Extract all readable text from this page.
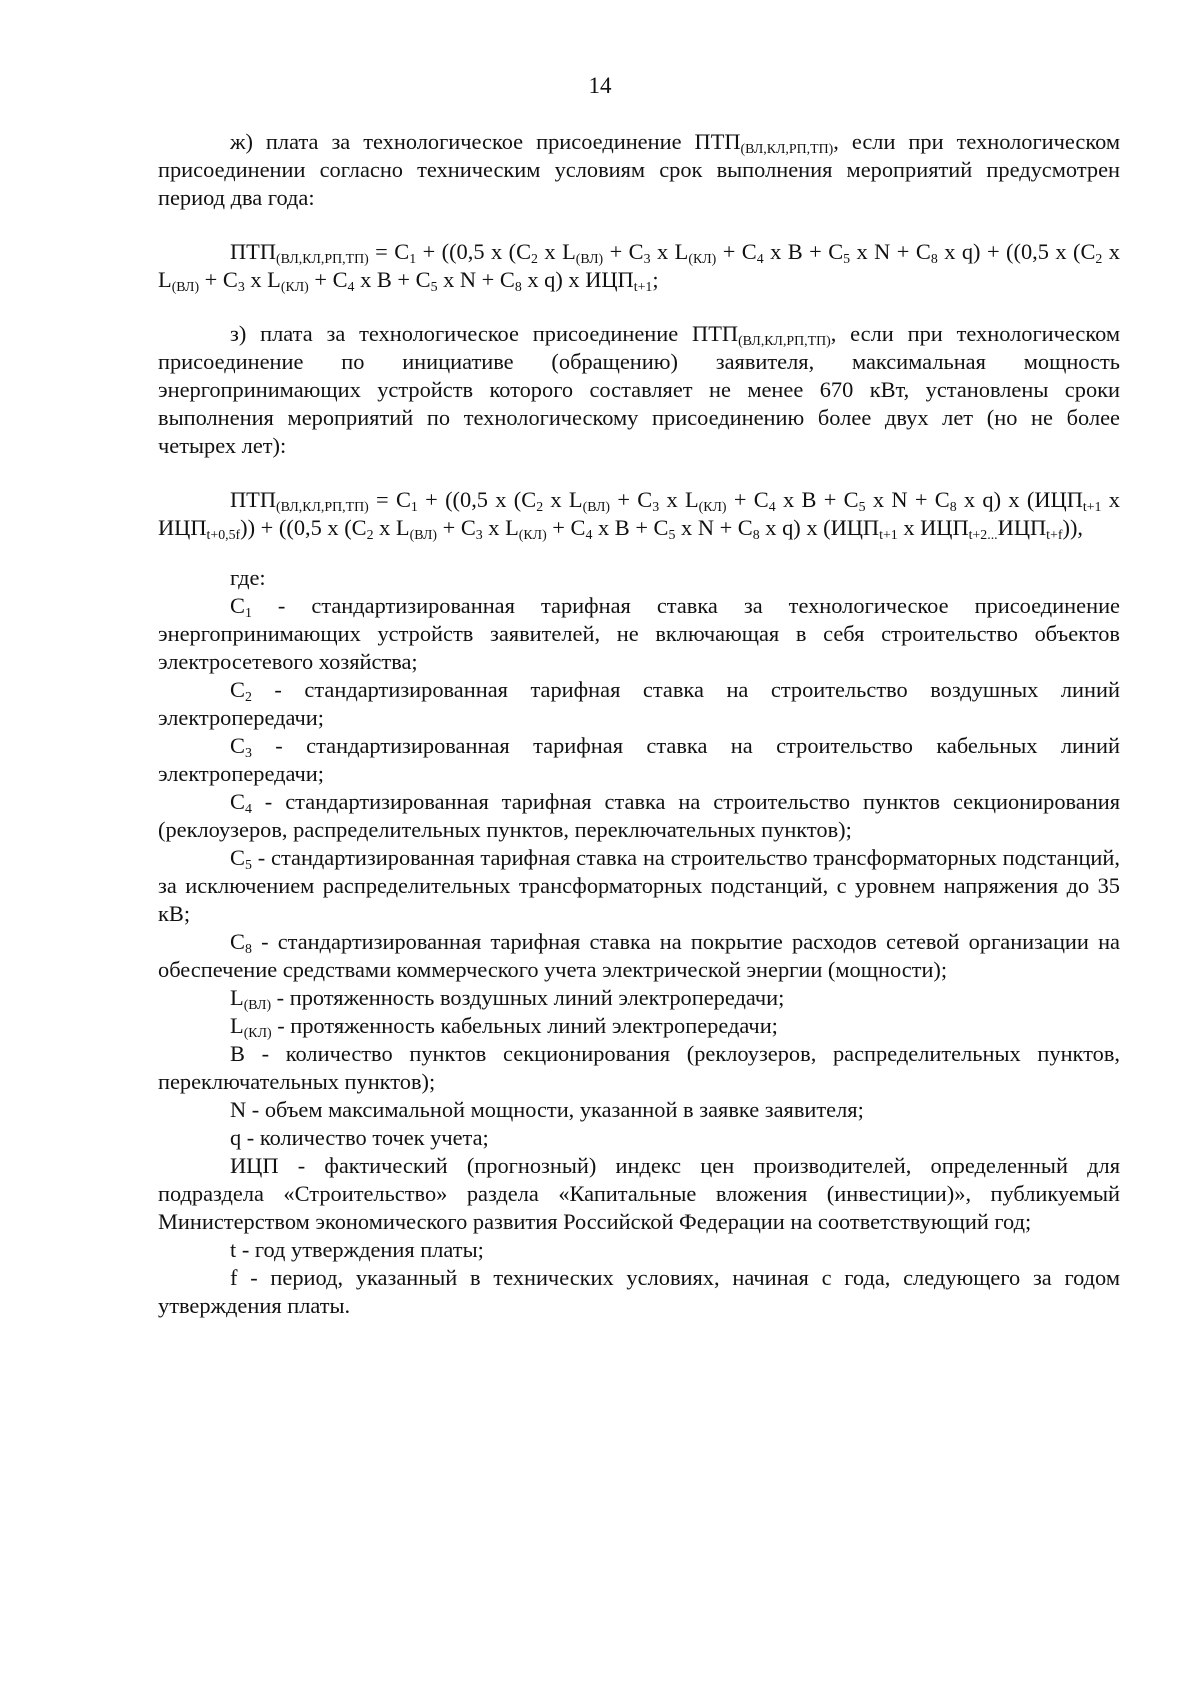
14

ж) плата за технологическое присоединение $ПТП_{(ВЛ,КЛ,РП,ТП)}$, если при технологическом присоединении согласно техническим условиям срок выполнения мероприятий предусмотрен период два года:

$ПТП_{(ВЛ,КЛ,РП,ТП)} = С_1 + ((0,5$ х ($С_2$ х $L_{(ВЛ)} + С_3$ х $L_{(КЛ)} + С_4$ х $В + С_5$ х $N + С_8$ х q) + ((0,5 х ($С_2$ х $L_{(ВЛ)} + С_3$ х $L_{(КЛ)} + С_4$ х $В + С_5$ х $N + С_8$ х q) х $ИЦП_{t+1}$;

з) плата за технологическое присоединение $ПТП_{(ВЛ,КЛ,РП,ТП)}$, если при технологическом присоединение по инициативе (обращению) заявителя, максимальная мощность энергопринимающих устройств которого составляет не менее 670 кВт, установлены сроки выполнения мероприятий по технологическому присоединению более двух лет (но не более четырех лет):

$ПТП_{(ВЛ,КЛ,РП,ТП)} = С_1 + ((0,5$ х ($С_2$ х $L_{(ВЛ)} + С_3$ х $L_{(КЛ)} + С_4$ х $В + С_5$ х $N + С_8$ х q) х ($ИЦП_{t+1}$ х $ИЦП_{t+0,5f})) + ((0,5$ х ($С_2$ х $L_{(ВЛ)} + С_3$ х $L_{(КЛ)} + С_4$ х $В + С_5$ х $N + С_8$ х q) х ($ИЦП_{t+1}$ х $ИЦП_{t+2...}ИЦП_{t+f}$)),

где:

$С_1$ - стандартизированная тарифная ставка за технологическое присоединение энергопринимающих устройств заявителей, не включающая в себя строительство объектов электросетевого хозяйства;

$С_2$ - стандартизированная тарифная ставка на строительство воздушных линий электропередачи;

$С_3$ - стандартизированная тарифная ставка на строительство кабельных линий электропередачи;

$С_4$ - стандартизированная тарифная ставка на строительство пунктов секционирования (реклоузеров, распределительных пунктов, переключательных пунктов);

$С_5$ - стандартизированная тарифная ставка на строительство трансформаторных подстанций, за исключением распределительных трансформаторных подстанций, с уровнем напряжения до 35 кВ;

$С_8$ - стандартизированная тарифная ставка на покрытие расходов сетевой организации на обеспечение средствами коммерческого учета электрической энергии (мощности);

$L_{(ВЛ)}$ - протяженность воздушных линий электропередачи;

$L_{(КЛ)}$ - протяженность кабельных линий электропередачи;

В - количество пунктов секционирования (реклоузеров, распределительных пунктов, переключательных пунктов);

N - объем максимальной мощности, указанной в заявке заявителя;

q - количество точек учета;

ИЦП - фактический (прогнозный) индекс цен производителей, определенный для подраздела «Строительство» раздела «Капитальные вложения (инвестиции)», публикуемый Министерством экономического развития Российской Федерации на соответствующий год;

t - год утверждения платы;

f - период, указанный в технических условиях, начиная с года, следующего за годом утверждения платы.
